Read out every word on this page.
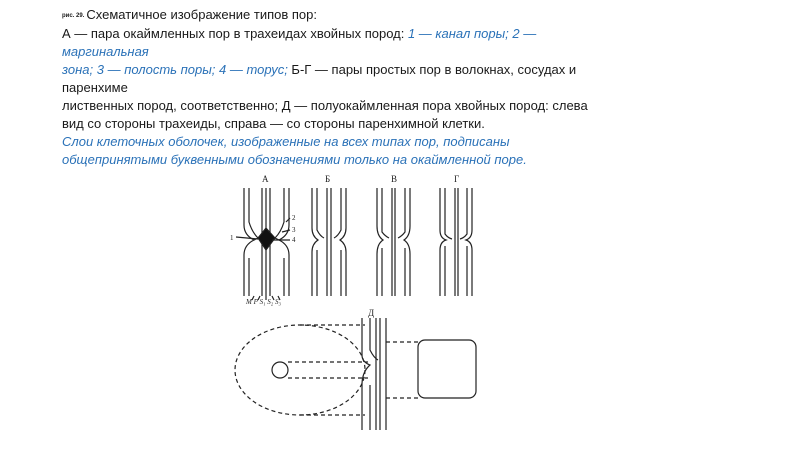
рис. 29. Схематичное изображение типов пор:
А — пара окаймленных пор в трахеидах хвойных пород: 1 — канал поры; 2 —
маргинальная
зона; 3 — полость поры; 4 — торус; Б-Г — пары простых пор в волокнах, сосудах и
паренхиме
лиственных пород, соответственно; Д — полуокаймленная пора хвойных пород: слева
вид со стороны трахеиды, справа — со стороны паренхимной клетки.
Слои клеточных оболочек, изображенные на всех типах пор, подписаны
общепринятыми буквенными обозначениями только на окаймленной поре.
А	Б	В	Г
Д
1
2
3
4
М Р S₁ S₂ S₃
